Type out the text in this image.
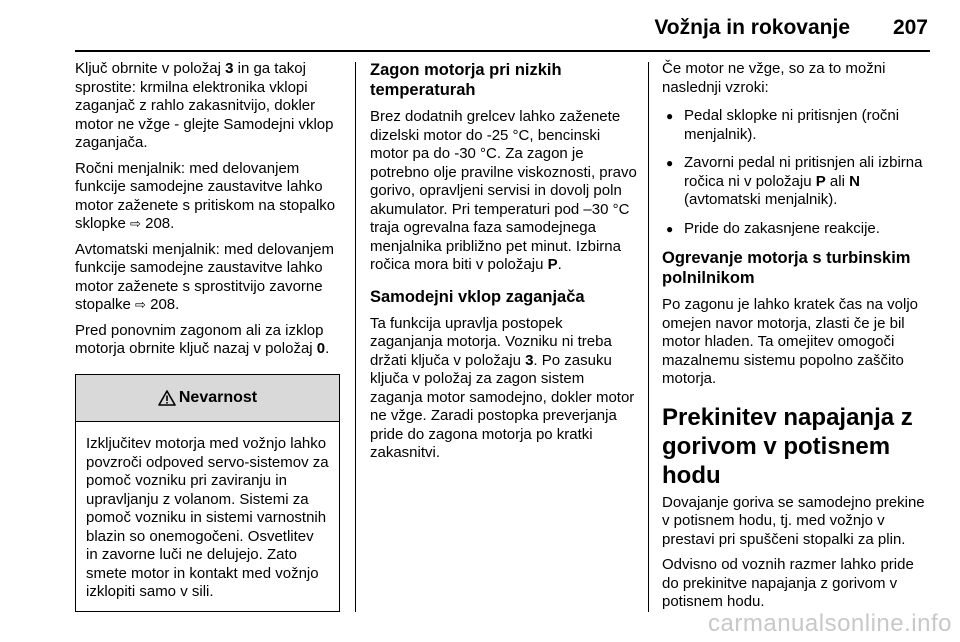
Vožnja in rokovanje 207

Ključ obrnite v položaj 3 in ga takoj sprostite: krmilna elektronika vklopi zaganjač z rahlo zakasnitvijo, dokler motor ne vžge - glejte Samodejni vklop zaganjača.

Ročni menjalnik: med delovanjem funkcije samodejne zaustavitve lahko motor zaženete s pritiskom na stopalko sklopke ⇨ 208.

Avtomatski menjalnik: med delovanjem funkcije samodejne zaustavitve lahko motor zaženete s sprostitvijo zavorne stopalke ⇨ 208.

Pred ponovnim zagonom ali za izklop motorja obrnite ključ nazaj v položaj 0.

Nevarnost
Izključitev motorja med vožnjo lahko povzroči odpoved servo-sistemov za pomoč vozniku pri zaviranju in upravljanju z volanom. Sistemi za pomoč vozniku in sistemi varnostnih blazin so onemogočeni. Osvetlitev in zavorne luči ne delujejo. Zato smete motor in kontakt med vožnjo izklopiti samo v sili.
Zagon motorja pri nizkih temperaturah

Brez dodatnih grelcev lahko zaženete dizelski motor do -25 °C, bencinski motor pa do -30 °C. Za zagon je potrebno olje pravilne viskoznosti, pravo gorivo, opravljeni servisi in dovolj poln akumulator. Pri temperaturi pod –30 °C traja ogrevalna faza samodejnega menjalnika približno pet minut. Izbirna ročica mora biti v položaju P.

Samodejni vklop zaganjača

Ta funkcija upravlja postopek zaganjanja motorja. Vozniku ni treba držati ključa v položaju 3. Po zasuku ključa v položaj za zagon sistem zaganja motor samodejno, dokler motor ne vžge. Zaradi postopka preverjanja pride do zagona motorja po kratki zakasnitvi.

Če motor ne vžge, so za to možni naslednji vzroki:

● Pedal sklopke ni pritisnjen (ročni menjalnik).
● Zavorni pedal ni pritisnjen ali izbirna ročica ni v položaju P ali N (avtomatski menjalnik).
● Pride do zakasnjene reakcije.
Ogrevanje motorja s turbinskim polnilnikom

Po zagonu je lahko kratek čas na voljo omejen navor motorja, zlasti če je bil motor hladen. Ta omejitev omogoči mazalnemu sistemu popolno zaščito motorja.

Prekinitev napajanja z gorivom v potisnem hodu

Dovajanje goriva se samodejno prekine v potisnem hodu, tj. med vožnjo v prestavi pri spuščeni stopalki za plin.

Odvisno od voznih razmer lahko pride do prekinitve napajanja z gorivom v potisnem hodu.

carmanualsonline.info
